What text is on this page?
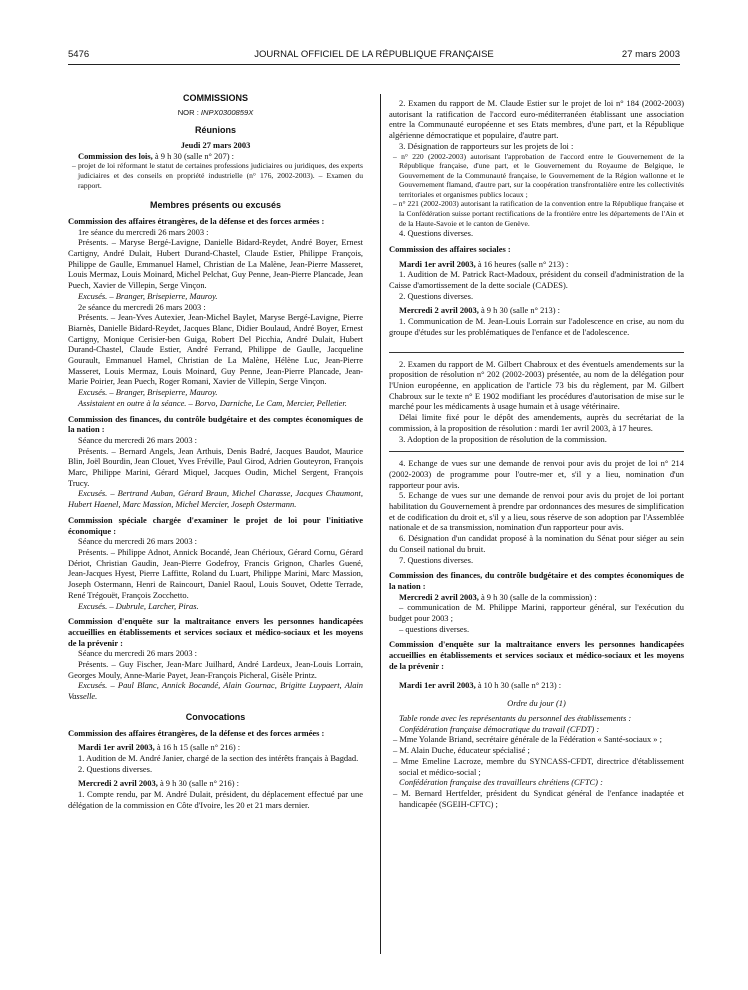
5476	JOURNAL OFFICIEL DE LA RÉPUBLIQUE FRANÇAISE	27 mars 2003

COMMISSIONS

NOR : INPX0300859X

Réunions

Jeudi 27 mars 2003

Commission des lois, à 9 h 30 (salle n° 207) :

– projet de loi réformant le statut de certaines professions judiciaires ou juridiques, des experts judiciaires et des conseils en propriété industrielle (n° 176, 2002-2003). – Examen du rapport.

Membres présents ou excusés

Commission des affaires étrangères, de la défense et des forces armées :

1re séance du mercredi 26 mars 2003 :

Présents. – Maryse Bergé-Lavigne, Danielle Bidard-Reydet, André Boyer, Ernest Cartigny, André Dulait, Hubert Durand-Chastel, Claude Estier, Philippe François, Philippe de Gaulle, Emmanuel Hamel, Christian de La Malène, Jean-Pierre Masseret, Louis Mermaz, Louis Moinard, Michel Pelchat, Guy Penne, Jean-Pierre Plancade, Jean Puech, Xavier de Villepin, Serge Vinçon.

Excusés. – Branger, Brisepierre, Mauroy.

2e séance du mercredi 26 mars 2003 :

Présents. – Jean-Yves Autexier, Jean-Michel Baylet, Maryse Bergé-Lavigne, Pierre Biarnès, Danielle Bidard-Reydet, Jacques Blanc, Didier Boulaud, André Boyer, Ernest Cartigny, Monique Cerisier-ben Guiga, Robert Del Picchia, André Dulait, Hubert Durand-Chastel, Claude Estier, André Ferrand, Philippe de Gaulle, Jacqueline Gourault, Emmanuel Hamel, Christian de La Malène, Hélène Luc, Jean-Pierre Masseret, Louis Mermaz, Louis Moinard, Guy Penne, Jean-Pierre Plancade, Jean-Marie Poirier, Jean Puech, Roger Romani, Xavier de Villepin, Serge Vinçon.

Excusés. – Branger, Brisepierre, Mauroy.

Assistaient en outre à la séance. – Borvo, Darniche, Le Cam, Mercier, Pelletier.

Commission des finances, du contrôle budgétaire et des comptes économiques de la nation :

Séance du mercredi 26 mars 2003 :

Présents. – Bernard Angels, Jean Arthuis, Denis Badré, Jacques Baudot, Maurice Blin, Joël Bourdin, Jean Clouet, Yves Fréville, Paul Girod, Adrien Gouteyron, François Marc, Philippe Marini, Gérard Miquel, Jacques Oudin, Michel Sergent, François Trucy.

Excusés. – Bertrand Auban, Gérard Braun, Michel Charasse, Jacques Chaumont, Hubert Haenel, Marc Massion, Michel Mercier, Joseph Ostermann.

Commission spéciale chargée d'examiner le projet de loi pour l'initiative économique :

Séance du mercredi 26 mars 2003 :

Présents. – Philippe Adnot, Annick Bocandé, Jean Chérioux, Gérard Cornu, Gérard Dériot, Christian Gaudin, Jean-Pierre Godefroy, Francis Grignon, Charles Guené, Jean-Jacques Hyest, Pierre Laffitte, Roland du Luart, Philippe Marini, Marc Massion, Joseph Ostermann, Henri de Raincourt, Daniel Raoul, Louis Souvet, Odette Terrade, René Trégouët, François Zocchetto.

Excusés. – Dubrule, Larcher, Piras.

Commission d'enquête sur la maltraitance envers les personnes handicapées accueillies en établissements et services sociaux et médico-sociaux et les moyens de la prévenir :

Séance du mercredi 26 mars 2003 :

Présents. – Guy Fischer, Jean-Marc Juilhard, André Lardeux, Jean-Louis Lorrain, Georges Mouly, Anne-Marie Payet, Jean-François Picheral, Gisèle Printz.

Excusés. – Paul Blanc, Annick Bocandé, Alain Gournac, Brigitte Luypaert, Alain Vasselle.

Convocations

Commission des affaires étrangères, de la défense et des forces armées :

Mardi 1er avril 2003, à 16 h 15 (salle n° 216) :

1. Audition de M. André Janier, chargé de la section des intérêts français à Bagdad.

2. Questions diverses.

Mercredi 2 avril 2003, à 9 h 30 (salle n° 216) :

1. Compte rendu, par M. André Dulait, président, du déplacement effectué par une délégation de la commission en Côte d'Ivoire, les 20 et 21 mars dernier.

2. Examen du rapport de M. Claude Estier sur le projet de loi n° 184 (2002-2003) autorisant la ratification de l'accord euro-méditerranéen établissant une association entre la Communauté européenne et ses Etats membres, d'une part, et la République algérienne démocratique et populaire, d'autre part.

3. Désignation de rapporteurs sur les projets de loi :

– n° 220 (2002-2003) autorisant l'approbation de l'accord entre le Gouvernement de la République française, d'une part, et le Gouvernement du Royaume de Belgique, le Gouvernement de la Communauté française, le Gouvernement de la Région wallonne et le Gouvernement flamand, d'autre part, sur la coopération transfrontalière entre les collectivités territoriales et organismes publics locaux ;

– n° 221 (2002-2003) autorisant la ratification de la convention entre la République française et la Confédération suisse portant rectifications de la frontière entre les départements de l'Ain et de la Haute-Savoie et le canton de Genève.

4. Questions diverses.

Commission des affaires sociales :

Mardi 1er avril 2003, à 16 heures (salle n° 213) :

1. Audition de M. Patrick Ract-Madoux, président du conseil d'administration de la Caisse d'amortissement de la dette sociale (CADES).

2. Questions diverses.

Mercredi 2 avril 2003, à 9 h 30 (salle n° 213) :

1. Communication de M. Jean-Louis Lorrain sur l'adolescence en crise, au nom du groupe d'études sur les problématiques de l'enfance et de l'adolescence.

2. Examen du rapport de M. Gilbert Chabroux et des éventuels amendements sur la proposition de résolution n° 202 (2002-2003) présentée, au nom de la délégation pour l'Union européenne, en application de l'article 73 bis du règlement, par M. Gilbert Chabroux sur le texte n° E 1902 modifiant les procédures d'autorisation de mise sur le marché pour les médicaments à usage humain et à usage vétérinaire.

Délai limite fixé pour le dépôt des amendements, auprès du secrétariat de la commission, à la proposition de résolution : mardi 1er avril 2003, à 17 heures.

3. Adoption de la proposition de résolution de la commission.

4. Echange de vues sur une demande de renvoi pour avis du projet de loi n° 214 (2002-2003) de programme pour l'outre-mer et, s'il y a lieu, nomination d'un rapporteur pour avis.

5. Echange de vues sur une demande de renvoi pour avis du projet de loi portant habilitation du Gouvernement à prendre par ordonnances des mesures de simplification et de codification du droit et, s'il y a lieu, sous réserve de son adoption par l'Assemblée nationale et de sa transmission, nomination d'un rapporteur pour avis.

6. Désignation d'un candidat proposé à la nomination du Sénat pour siéger au sein du Conseil national du bruit.

7. Questions diverses.

Commission des finances, du contrôle budgétaire et des comptes économiques de la nation :

Mercredi 2 avril 2003, à 9 h 30 (salle de la commission) :

– communication de M. Philippe Marini, rapporteur général, sur l'exécution du budget pour 2003 ;

– questions diverses.

Commission d'enquête sur la maltraitance envers les personnes handicapées accueillies en établissements et services sociaux et médico-sociaux et les moyens de la prévenir :

Mardi 1er avril 2003, à 10 h 30 (salle n° 213) :

Ordre du jour (1)

Table ronde avec les représentants du personnel des établissements :

Confédération française démocratique du travail (CFDT) :

– Mme Yolande Briand, secrétaire générale de la Fédération « Santé-sociaux » ;

– M. Alain Duche, éducateur spécialisé ;

– Mme Emeline Lacroze, membre du SYNCASS-CFDT, directrice d'établissement social et médico-social ;

Confédération française des travailleurs chrétiens (CFTC) :

– M. Bernard Hertfelder, président du Syndicat général de l'enfance inadaptée et handicapée (SGEIH-CFTC) ;
